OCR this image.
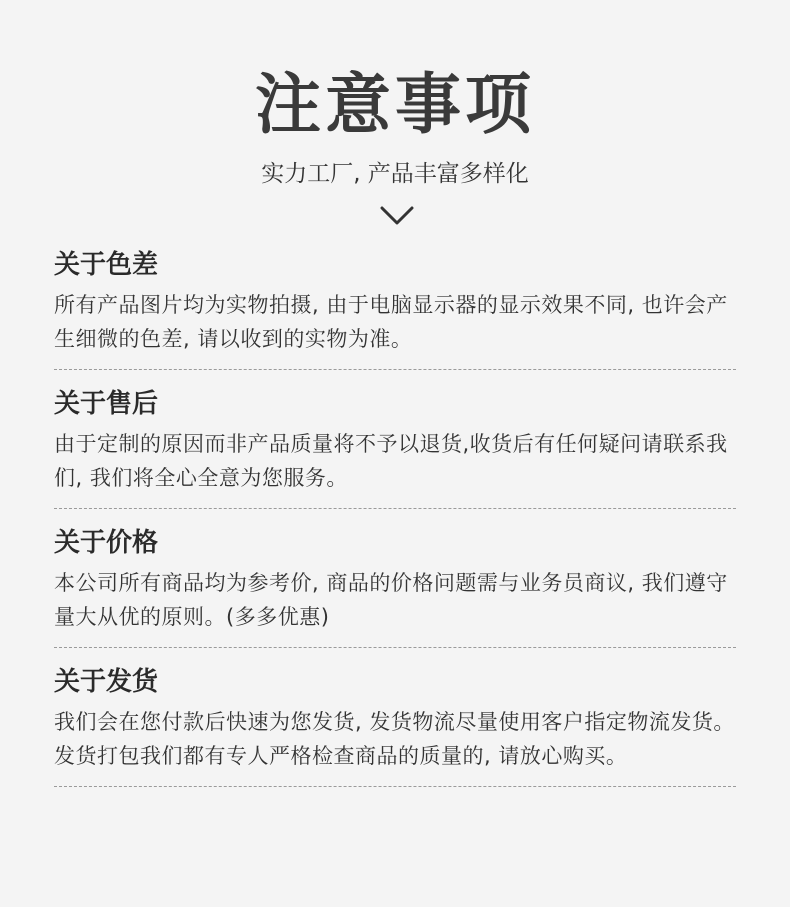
注意事项
实力工厂, 产品丰富多样化
关于色差

所有产品图片均为实物拍摄, 由于电脑显示器的显示效果不同, 也许会产生细微的色差, 请以收到的实物为准。

关于售后

由于定制的原因而非产品质量将不予以退货,收货后有任何疑问请联系我们, 我们将全心全意为您服务。

关于价格

本公司所有商品均为参考价, 商品的价格问题需与业务员商议, 我们遵守量大从优的原则。(多多优惠)

关于发货

我们会在您付款后快速为您发货, 发货物流尽量使用客户指定物流发货。发货打包我们都有专人严格检查商品的质量的, 请放心购买。
